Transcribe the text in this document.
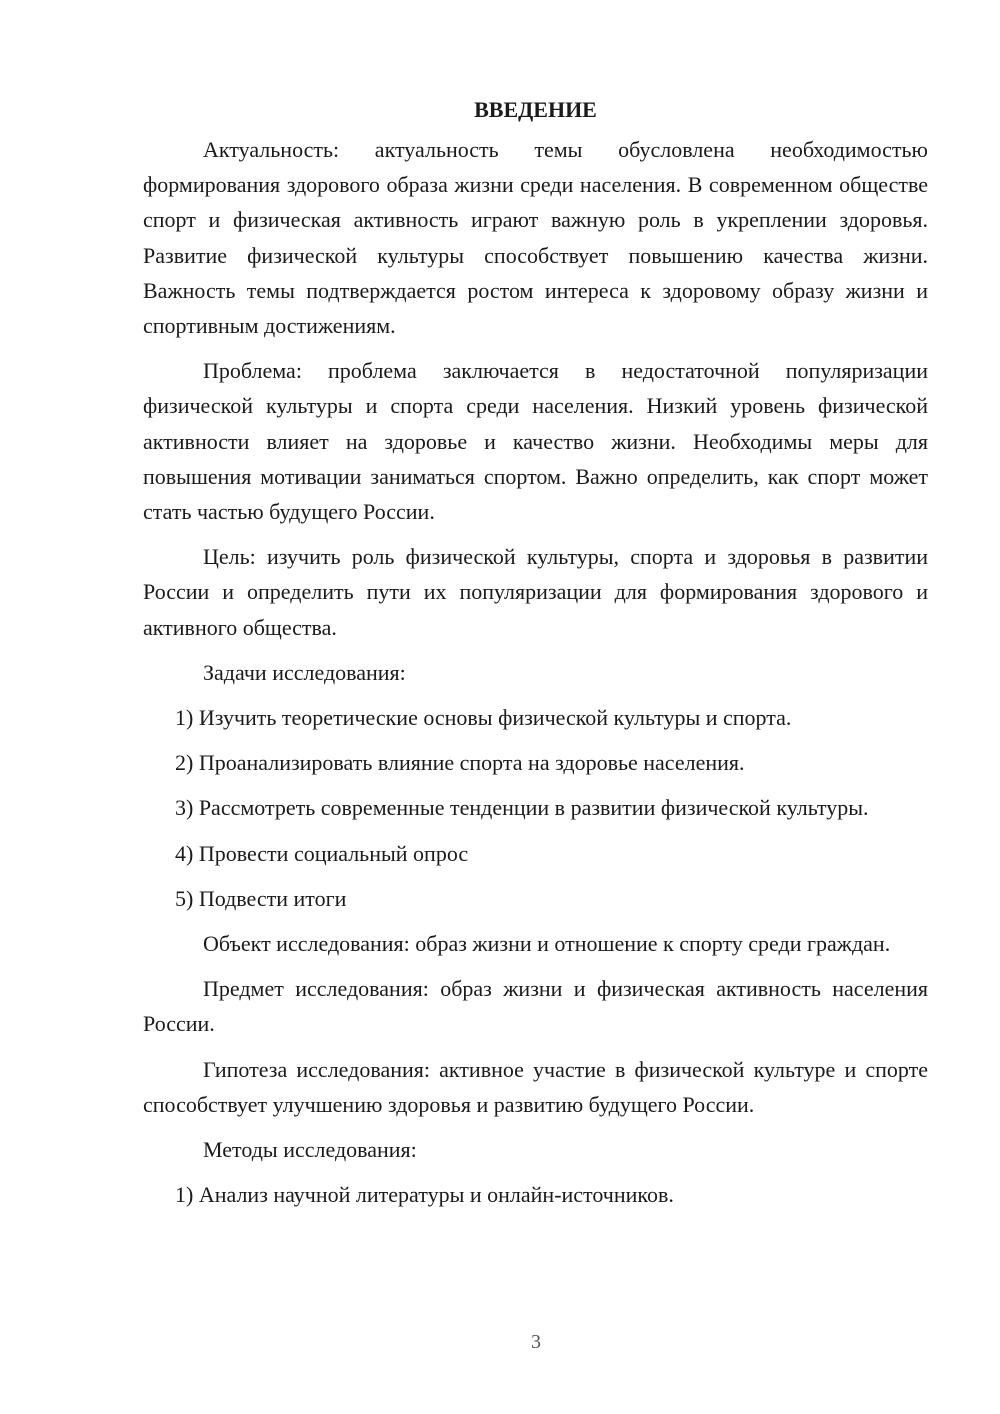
ВВЕДЕНИЕ

Актуальность: актуальность темы обусловлена необходимостью формирования здорового образа жизни среди населения. В современном обществе спорт и физическая активность играют важную роль в укреплении здоровья. Развитие физической культуры способствует повышению качества жизни. Важность темы подтверждается ростом интереса к здоровому образу жизни и спортивным достижениям.

Проблема: проблема заключается в недостаточной популяризации физической культуры и спорта среди населения. Низкий уровень физической активности влияет на здоровье и качество жизни. Необходимы меры для повышения мотивации заниматься спортом. Важно определить, как спорт может стать частью будущего России.

Цель: изучить роль физической культуры, спорта и здоровья в развитии России и определить пути их популяризации для формирования здорового и активного общества.

Задачи исследования:

1) Изучить теоретические основы физической культуры и спорта.

2) Проанализировать влияние спорта на здоровье населения.

3) Рассмотреть современные тенденции в развитии физической культуры.

4) Провести социальный опрос

5) Подвести итоги

Объект исследования: образ жизни и отношение к спорту среди граждан.

Предмет исследования: образ жизни и физическая активность населения России.

Гипотеза исследования: активное участие в физической культуре и спорте способствует улучшению здоровья и развитию будущего России.

Методы исследования:

1) Анализ научной литературы и онлайн-источников.

3
